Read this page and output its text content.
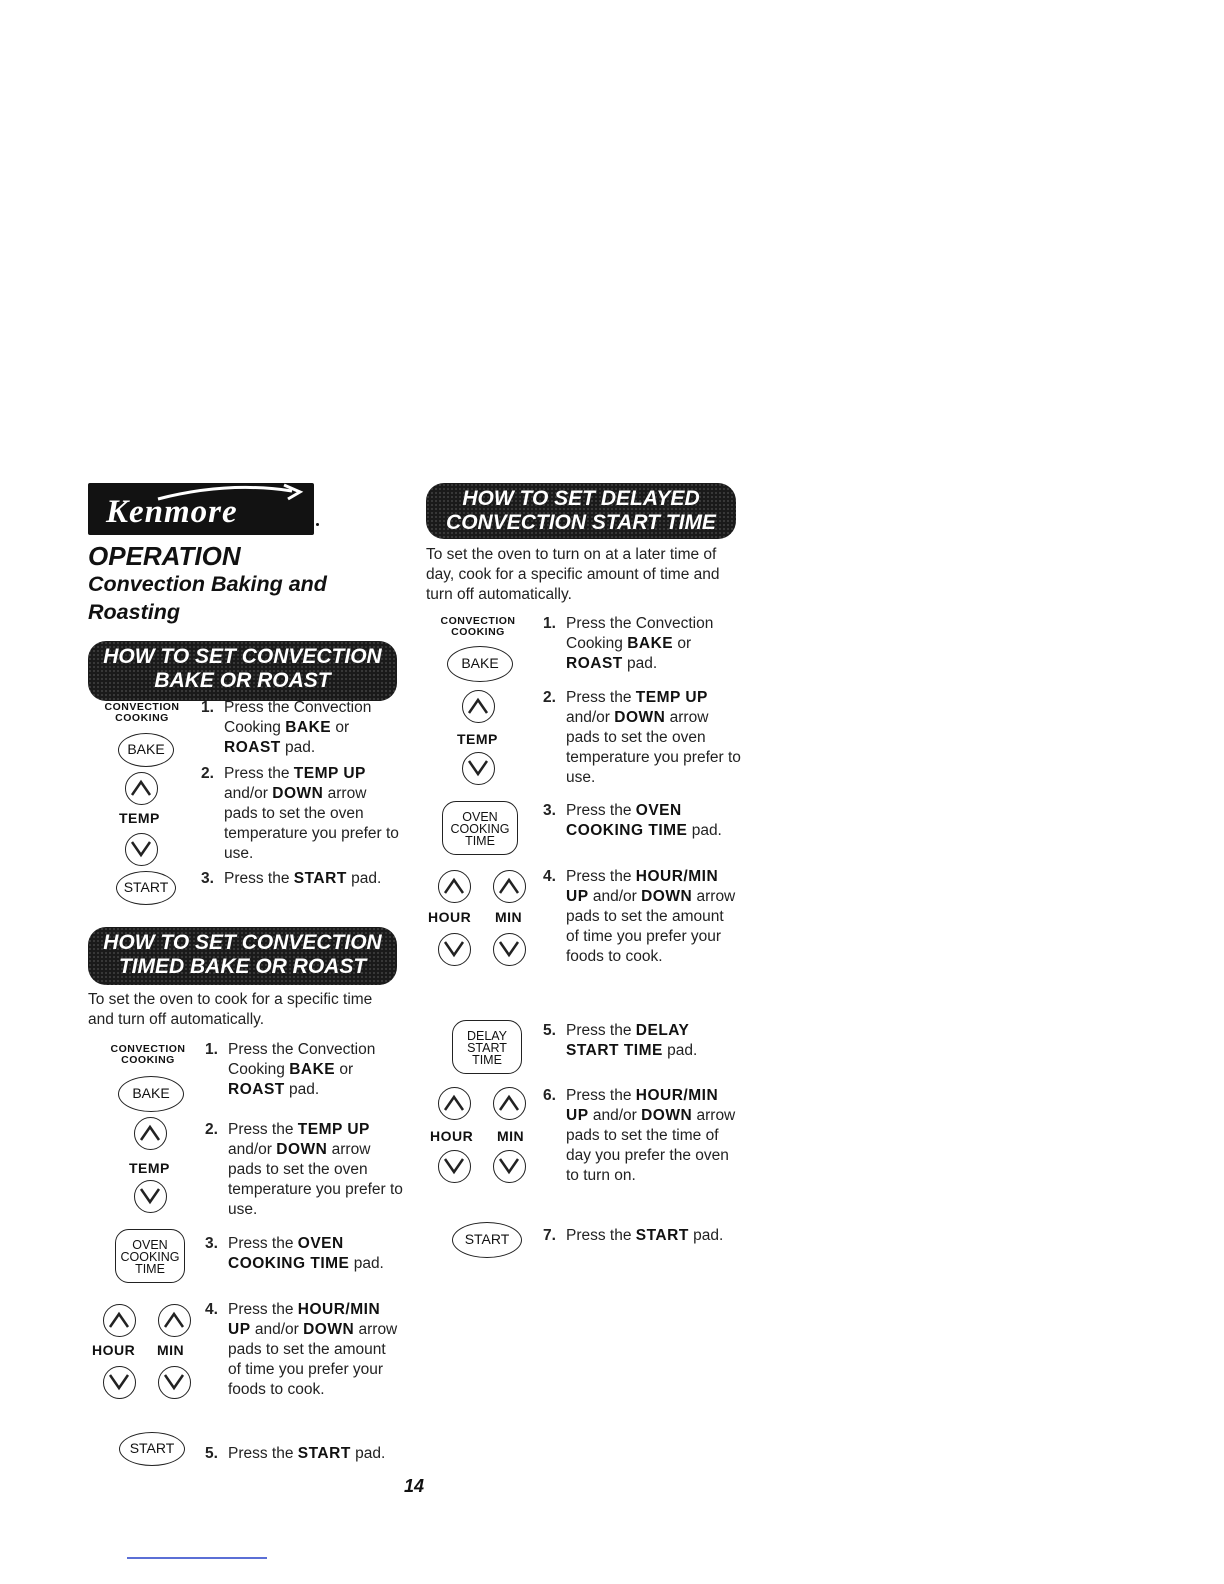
Kenmore
OPERATION
Convection Baking and Roasting
HOW TO SET CONVECTION
BAKE OR ROAST
CONVECTION
COOKING
BAKE
TEMP
START
1. Press the Convection Cooking BAKE or ROAST pad.
2. Press the TEMP UP and/or DOWN arrow pads to set the oven temperature you prefer to use.
3. Press the START pad.
HOW TO SET CONVECTION
TIMED BAKE OR ROAST
To set the oven to cook for a specific time and turn off automatically.
CONVECTION
COOKING
BAKE
TEMP
OVEN
COOKING
TIME
HOUR MIN
START
1. Press the Convection Cooking BAKE or ROAST pad.
2. Press the TEMP UP and/or DOWN arrow pads to set the oven temperature you prefer to use.
3. Press the OVEN COOKING TIME pad.
4. Press the HOUR/MIN UP and/or DOWN arrow pads to set the amount of time you prefer your foods to cook.
5. Press the START pad.
HOW TO SET DELAYED
CONVECTION START TIME
To set the oven to turn on at a later time of day, cook for a specific amount of time and turn off automatically.
CONVECTION
COOKING
BAKE
TEMP
OVEN
COOKING
TIME
HOUR MIN
DELAY
START
TIME
HOUR MIN
START
1. Press the Convection Cooking BAKE or ROAST pad.
2. Press the TEMP UP and/or DOWN arrow pads to set the oven temperature you prefer to use.
3. Press the OVEN COOKING TIME pad.
4. Press the HOUR/MIN UP and/or DOWN arrow pads to set the amount of time you prefer your foods to cook.
5. Press the DELAY START TIME pad.
6. Press the HOUR/MIN UP and/or DOWN arrow pads to set the time of day you prefer the oven to turn on.
7. Press the START pad.
14
